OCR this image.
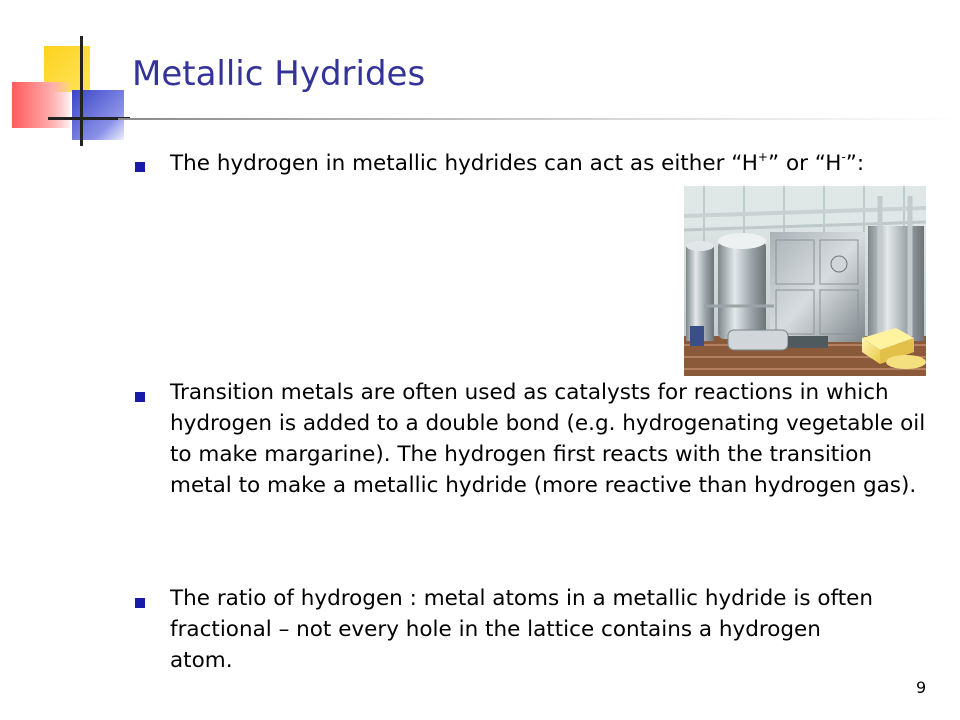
Metallic Hydrides

The hydrogen in metallic hydrides can act as either “H+” or “H-”:

Transition metals are often used as catalysts for reactions in which hydrogen is added to a double bond (e.g. hydrogenating vegetable oil to make margarine). The hydrogen first reacts with the transition metal to make a metallic hydride (more reactive than hydrogen gas).

The ratio of hydrogen : metal atoms in a metallic hydride is often fractional – not every hole in the lattice contains a hydrogen atom.

9
